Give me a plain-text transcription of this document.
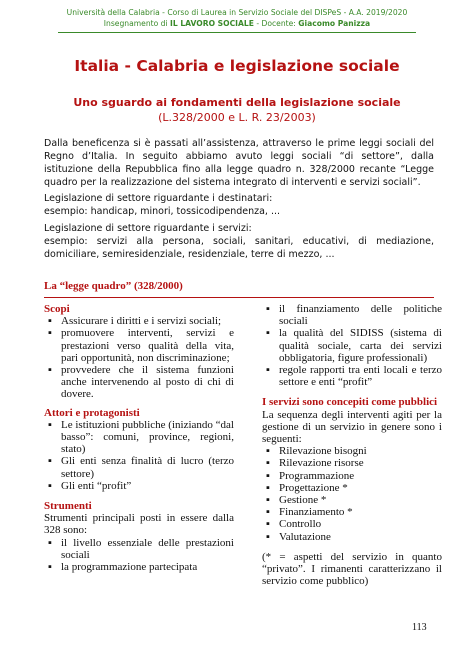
Università della Calabria - Corso di Laurea in Servizio Sociale del DISPeS - A.A. 2019/2020
Insegnamento di IL LAVORO SOCIALE - Docente: Giacomo Panizza
Italia - Calabria e legislazione sociale
Uno sguardo ai fondamenti della legislazione sociale
(L.328/2000 e L. R. 23/2003)
Dalla beneficenza si è passati all’assistenza, attraverso le prime leggi sociali del Regno d’Italia. In seguito abbiamo avuto leggi sociali “di settore”, dalla istituzione della Repubblica fino alla legge quadro n. 328/2000 recante “Legge quadro per la realizzazione del sistema integrato di interventi e servizi sociali”.
Legislazione di settore riguardante i destinatari:
esempio: handicap, minori, tossicodipendenza, ...
Legislazione di settore riguardante i servizi:
esempio: servizi alla persona, sociali, sanitari, educativi, di mediazione, domiciliare, semiresidenziale, residenziale, terre di mezzo, ...
La “legge quadro” (328/2000)
Scopi
▪ Assicurare i diritti e i servizi sociali;
▪ promuovere interventi, servizi e prestazioni verso qualità della vita, pari opportunità, non discriminazione;
▪ provvedere che il sistema funzioni anche intervenendo al posto di chi di dovere.
Attori e protagonisti
▪ Le istituzioni pubbliche (iniziando “dal basso”: comuni, province, regioni, stato)
▪ Gli enti senza finalità di lucro (terzo settore)
▪ Gli enti “profit”
Strumenti
Strumenti principali posti in essere dalla 328 sono:
▪ il livello essenziale delle prestazioni sociali
▪ la programmazione partecipata
▪ il finanziamento delle politiche sociali
▪ la qualità del SIDISS (sistema di qualità sociale, carta dei servizi obbligatoria, figure professionali)
▪ regole rapporti tra enti locali e terzo settore e enti “profit”
I servizi sono concepiti come pubblici
La sequenza degli interventi agiti per la gestione di un servizio in genere sono i seguenti:
▪ Rilevazione bisogni
▪ Rilevazione risorse
▪ Programmazione
▪ Progettazione *
▪ Gestione *
▪ Finanziamento *
▪ Controllo
▪ Valutazione
(* = aspetti del servizio in quanto “privato”. I rimanenti caratterizzano il servizio come pubblico)
113
